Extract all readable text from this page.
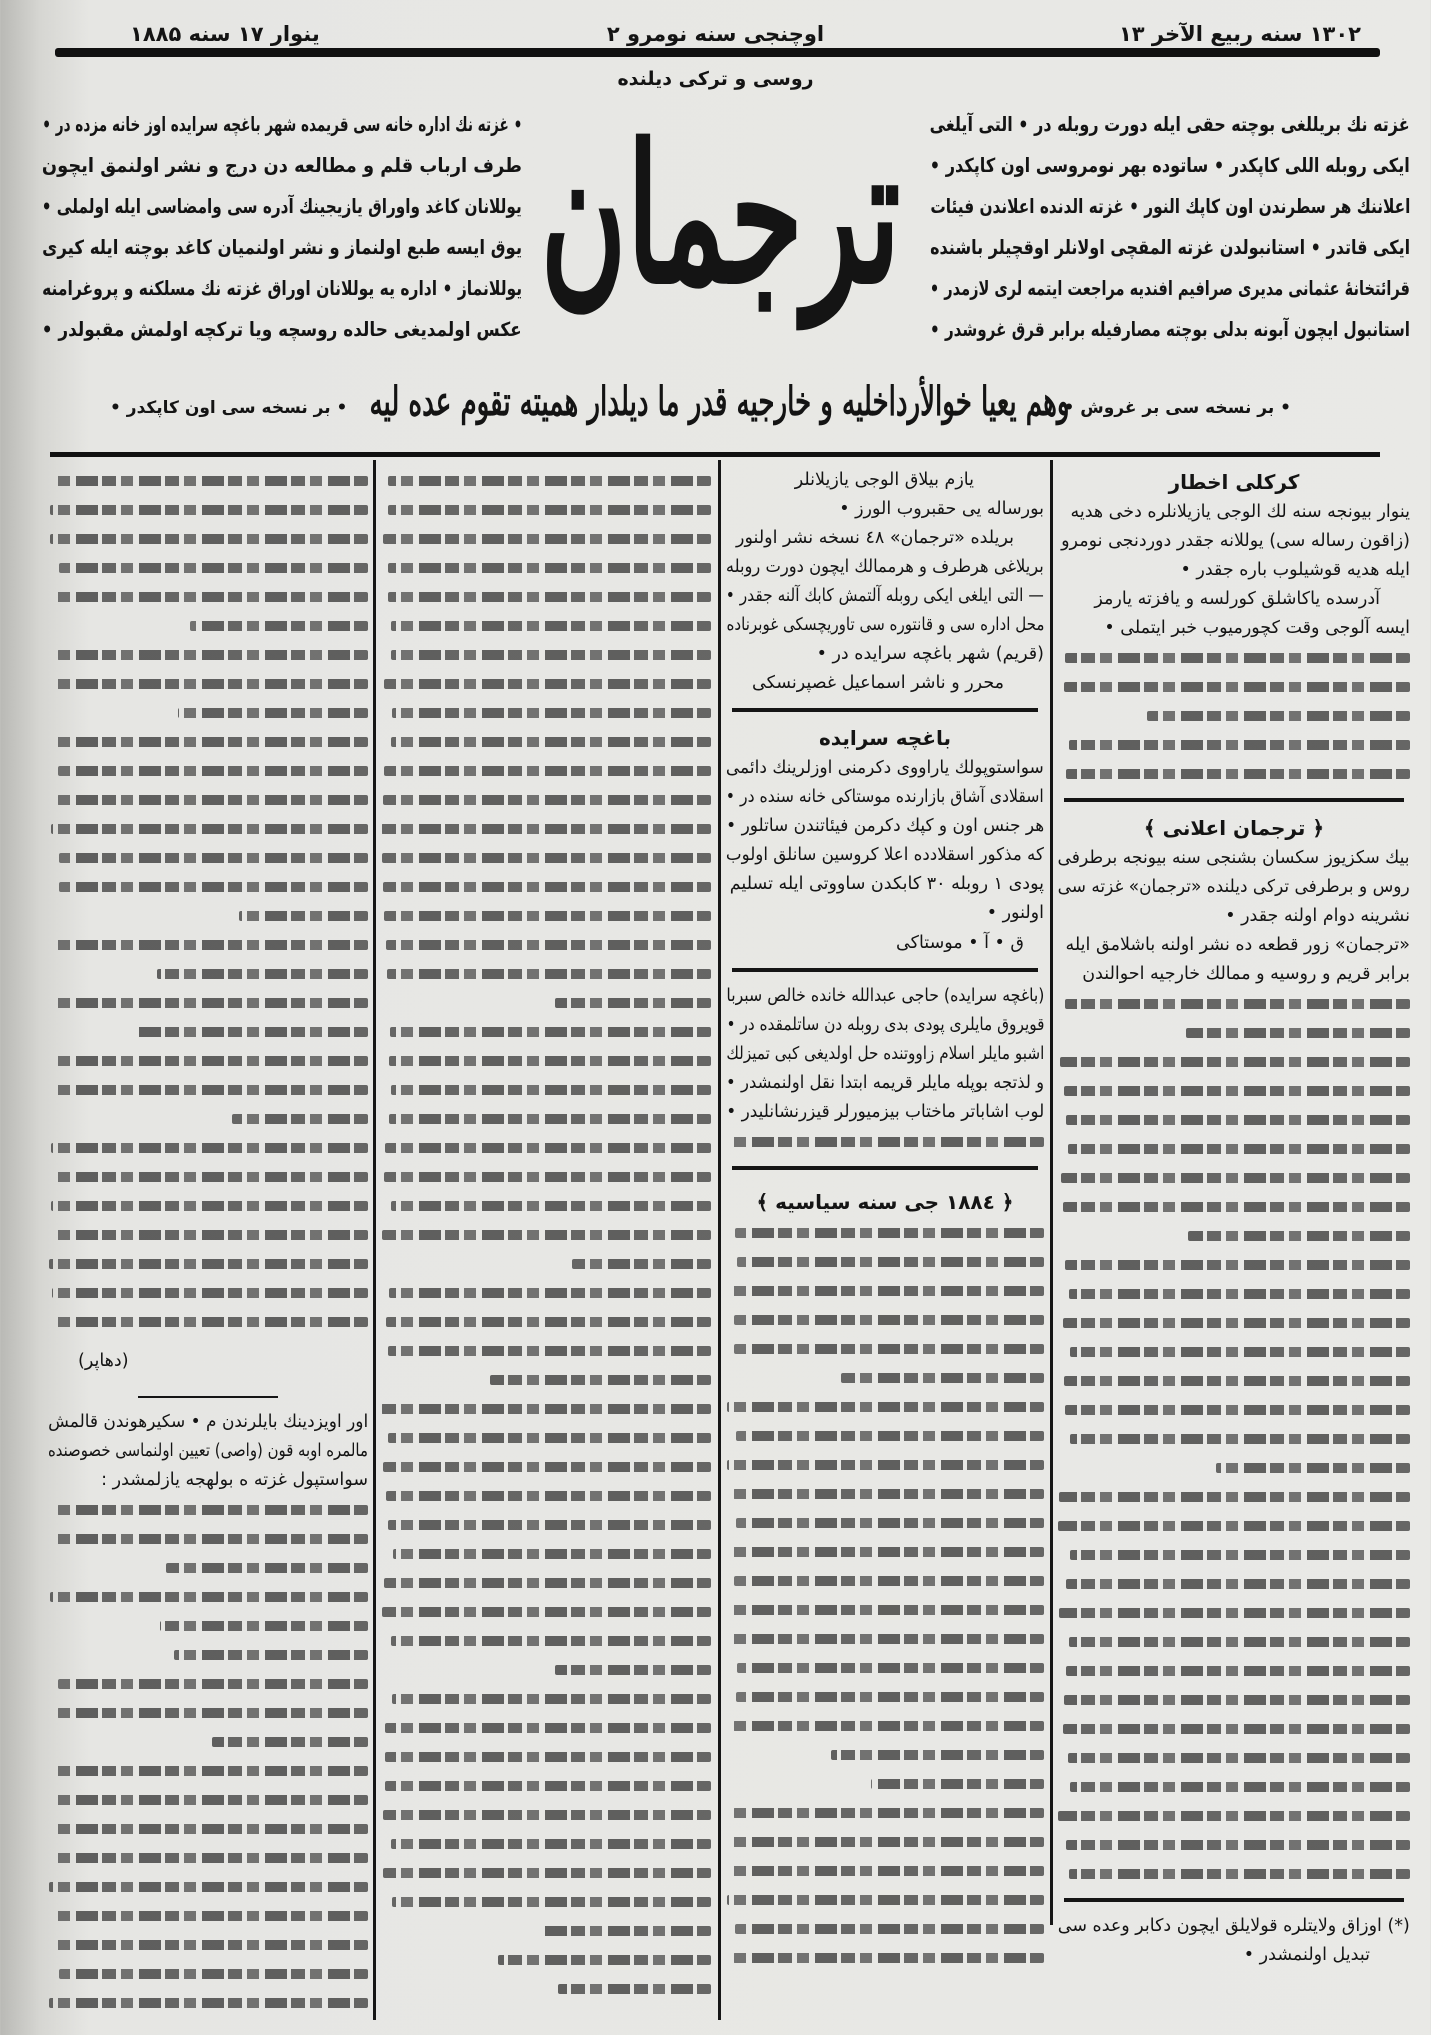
۱۳۰۲ سنه ربیع الآخر ۱۳
اوچنجی سنه نومرو ۲
ینوار ۱۷ سنه ۱۸۸۵
روسی و ترکی دیلنده
غزته نك بریللغی بوچته حقی ایله دورت روبله در • التی آیلغی
ایکی روبله اللی کاپکدر • ساتوده بهر نومروسی اون کاپکدر •
اعلاننك هر سطرندن اون کاپك النور • غزته الدنده اعلاندن فیئات
ایکی قاتدر • استانبولدن غزته المقچی اولانلر اوقچیلر باشنده
قرائتخانۀ عثمانی مدیری صرافیم افندیه مراجعت ایتمه لری لازمدر •
استانبول ایچون آبونه بدلی بوچته مصارفیله برابر قرق غروشدر •
• غزته نك اداره خانه سی قریمده شهر باغچه سرایده اوز خانه مزده در •
طرف ارباب قلم و مطالعه دن درج و نشر اولنمق ایچون
یوللانان کاغد واوراق یازیجینك آدره سی وامضاسی ایله اولملی •
یوق ایسه طبع اولنماز و نشر اولنمیان کاغد بوچته ایله کیری
یوللانماز • اداره یه یوللانان اوراق غزته نك مسلکنه و پروغرامنه
عکس اولمدیغی حالده روسچه ویا ترکچه اولمش مقبولدر •
ترجمان
وهم یعیا خوالأرداخلیه و خارجیه قدر ما دیلدار همیته تقوم عده لیه
• بر نسخه سی بر غروش •
• بر نسخه سی اون کاپکدر •
کرکلی اخطار
ینوار بیونجه سنه لك الوجی یازیلانلره دخی هدیه
(زاقون رساله سی) یوللانه جقدر دوردنجی نومرو
ایله هدیه قوشیلوب باره جقدر •
آدرسده یاکاشلق کورلسه و یافزته یارمز
ایسه آلوجی وقت کچورمیوب خبر ایتملی •
﴿ ترجمان اعلانی ﴾
بیك سکزیوز سکسان بشنجی سنه بیونجه برطرفی
روس و برطرفی ترکی دیلنده «ترجمان» غزته سی
نشرینه دوام اولنه جقدر •
«ترجمان» زور قطعه ده نشر اولنه باشلامق ایله
برابر قریم و روسیه و ممالك خارجیه احوالندن
(*) اوزاق ولایتلره قولایلق ایچون دکابر وعده سی
تبدیل اولنمشدر •
یازم بیلاق الوجی یازیلانلر
بورساله یی حقبروب الورز •
بریلده «ترجمان» ٤٨ نسخه نشر اولنور
بریلاغی هرطرف و هرممالك ایچون دورت روبله
— التی ایلغی ایکی روبله آلتمش کابك آلنه جقدر •
محل اداره سی و قانتوره سی تاوریچسکی غوبرناده
(قریم) شهر باغچه سرایده در •
محرر و ناشر اسماعیل غصپرنسکی
باغچه سرایده
سواستوپولك یاراووی دکرمنی اوزلرینك دائمی
اسقلادی آشاق بازارنده موستاکی خانه سنده در •
هر جنس اون و کپك دکرمن فیئاتندن ساتلور •
که مذکور اسقلادده اعلا کروسین سانلق اولوب
پودی ۱ روبله ۳۰ کابكدن ساووتی ایله تسلیم
اولنور •
ق • آ • موستاکی
(باغچه سرایده) حاجی عبدالله خانده خالص سبربا
قویروق مایلری پودی بدی روبله دن ساتلمقده در •
اشبو مایلر اسلام زاووتنده حل اولدیغی کبی تمیزلك
و لذتجه بوپله مایلر قریمه ابتدا نقل اولنمشدر •
لوب اشاباتر ماختاب بیزمیورلر قیزرنشانلیدر •
﴿ ۱۸۸٤ جی سنه سیاسیه ﴾
(دهاپر)
اور اویزدینك بایلرندن م • سکیرهوندن قالمش
مالمره اوبه قون (واصی) تعیین اولنماسی خصوصنده
سواستپول غزته ه بولهجه یازلمشدر :
